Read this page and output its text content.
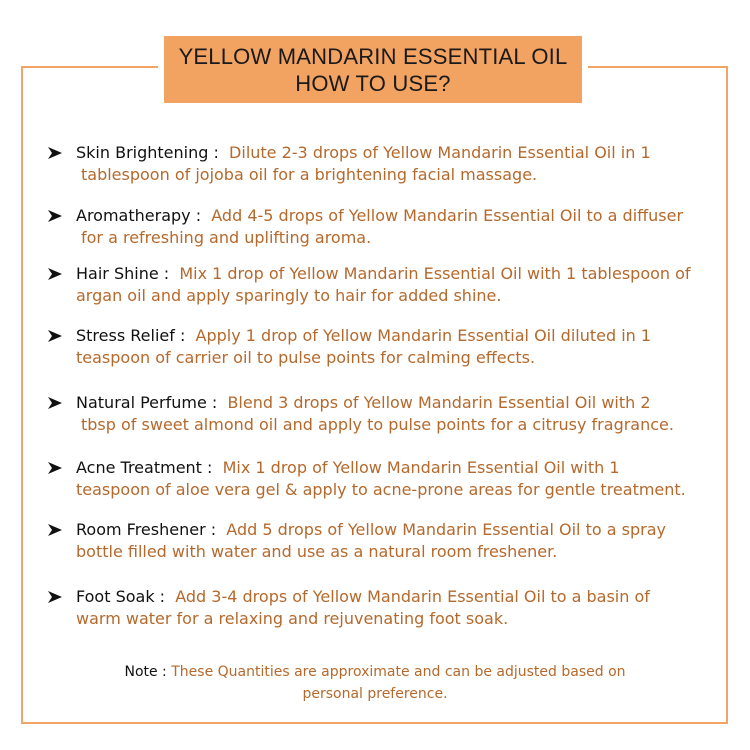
YELLOW MANDARIN ESSENTIAL OIL
HOW TO USE?
Skin Brightening : Dilute 2-3 drops of Yellow Mandarin Essential Oil in 1
tablespoon of jojoba oil for a brightening facial massage.
Aromatherapy : Add 4-5 drops of Yellow Mandarin Essential Oil to a diffuser
for a refreshing and uplifting aroma.
Hair Shine : Mix 1 drop of Yellow Mandarin Essential Oil with 1 tablespoon of
argan oil and apply sparingly to hair for added shine.
Stress Relief : Apply 1 drop of Yellow Mandarin Essential Oil diluted in 1
teaspoon of carrier oil to pulse points for calming effects.
Natural Perfume : Blend 3 drops of Yellow Mandarin Essential Oil with 2
tbsp of sweet almond oil and apply to pulse points for a citrusy fragrance.
Acne Treatment : Mix 1 drop of Yellow Mandarin Essential Oil with 1
teaspoon of aloe vera gel & apply to acne-prone areas for gentle treatment.
Room Freshener : Add 5 drops of Yellow Mandarin Essential Oil to a spray
bottle filled with water and use as a natural room freshener.
Foot Soak : Add 3-4 drops of Yellow Mandarin Essential Oil to a basin of
warm water for a relaxing and rejuvenating foot soak.
Note : These Quantities are approximate and can be adjusted based on
personal preference.
